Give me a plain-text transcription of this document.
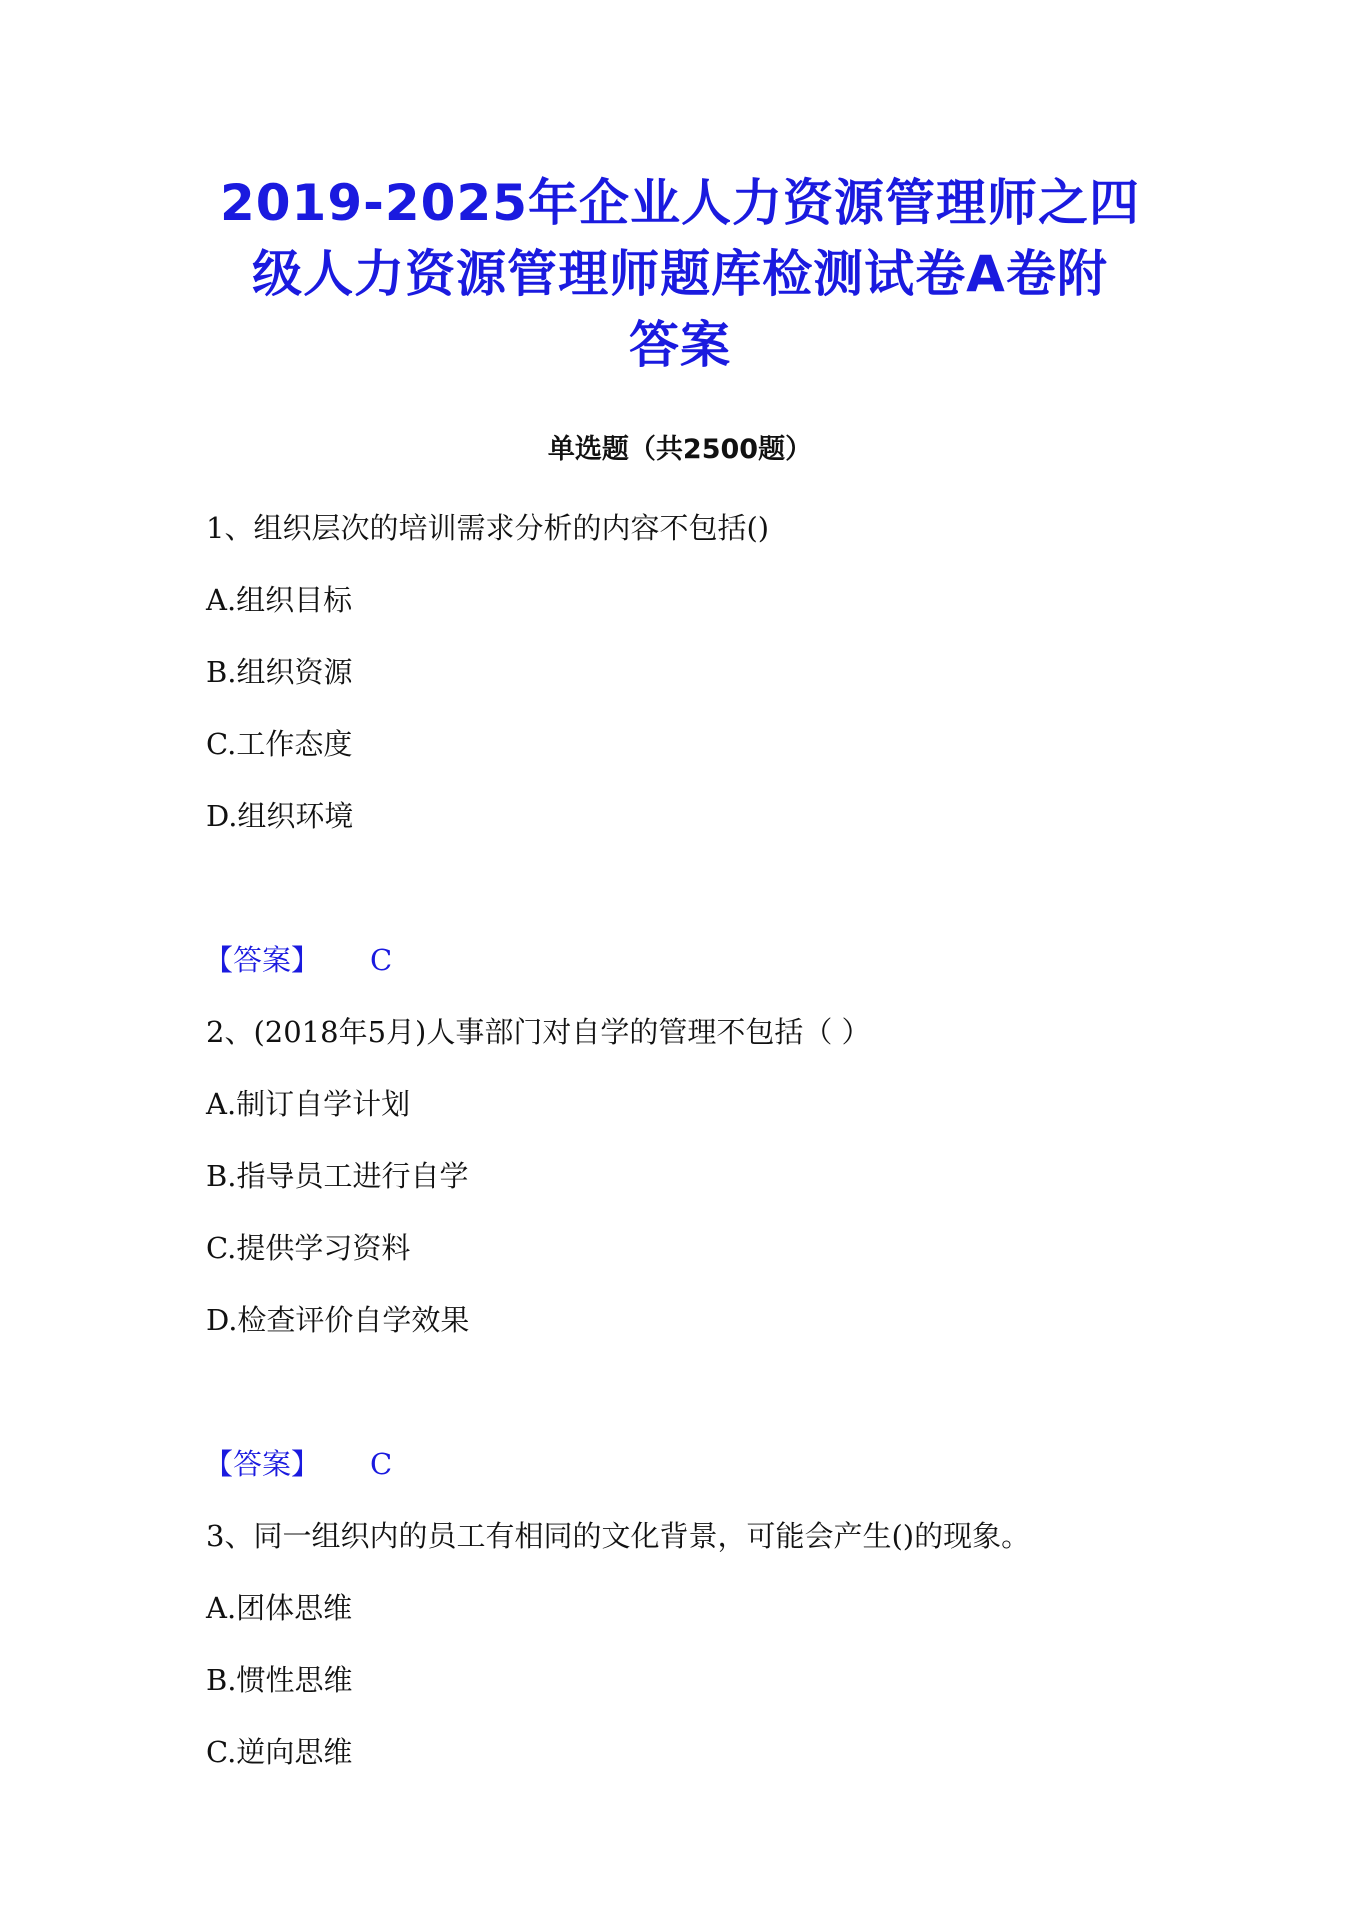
2019-2025年企业人力资源管理师之四
级人力资源管理师题库检测试卷A卷附
答案
单选题（共2500题）
1、组织层次的培训需求分析的内容不包括()
A.组织目标
B.组织资源
C.工作态度
D.组织环境
【答案】 C
2、(2018年5月)人事部门对自学的管理不包括（ ）
A.制订自学计划
B.指导员工进行自学
C.提供学习资料
D.检查评价自学效果
【答案】 C
3、同一组织内的员工有相同的文化背景，可能会产生()的现象。
A.团体思维
B.惯性思维
C.逆向思维
